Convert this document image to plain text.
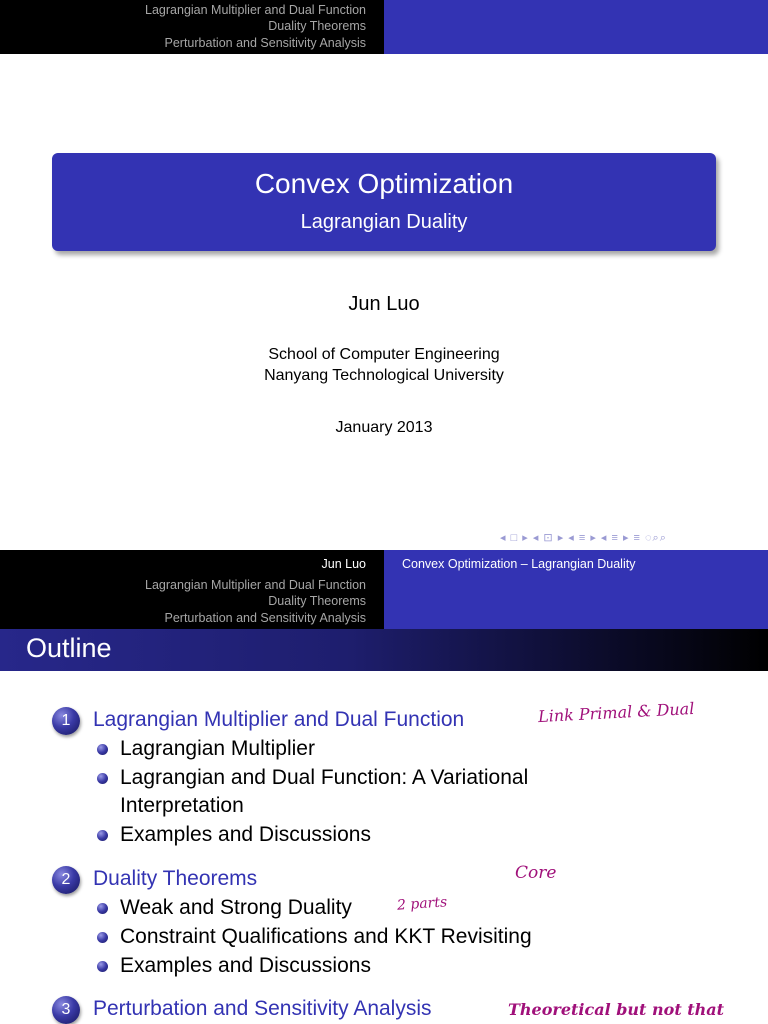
Lagrangian Multiplier and Dual Function
Duality Theorems
Perturbation and Sensitivity Analysis
Convex Optimization
Lagrangian Duality
Jun Luo
School of Computer Engineering
Nanyang Technological University
January 2013
◂ □ ▸ ◂ ⊡ ▸ ◂ ≡ ▸ ◂ ≡ ▸ ≡ ◌⌕⌕
Jun Luo	Convex Optimization – Lagrangian Duality
Lagrangian Multiplier and Dual Function
Duality Theorems
Perturbation and Sensitivity Analysis
Outline
1	Lagrangian Multiplier and Dual Function
Lagrangian Multiplier
Lagrangian and Dual Function: A Variational
Interpretation
Examples and Discussions
2	Duality Theorems
Weak and Strong Duality
Constraint Qualifications and KKT Revisiting
Examples and Discussions
3	Perturbation and Sensitivity Analysis
Link Primal & Dual
Core
2 parts
Theoretical but not that
